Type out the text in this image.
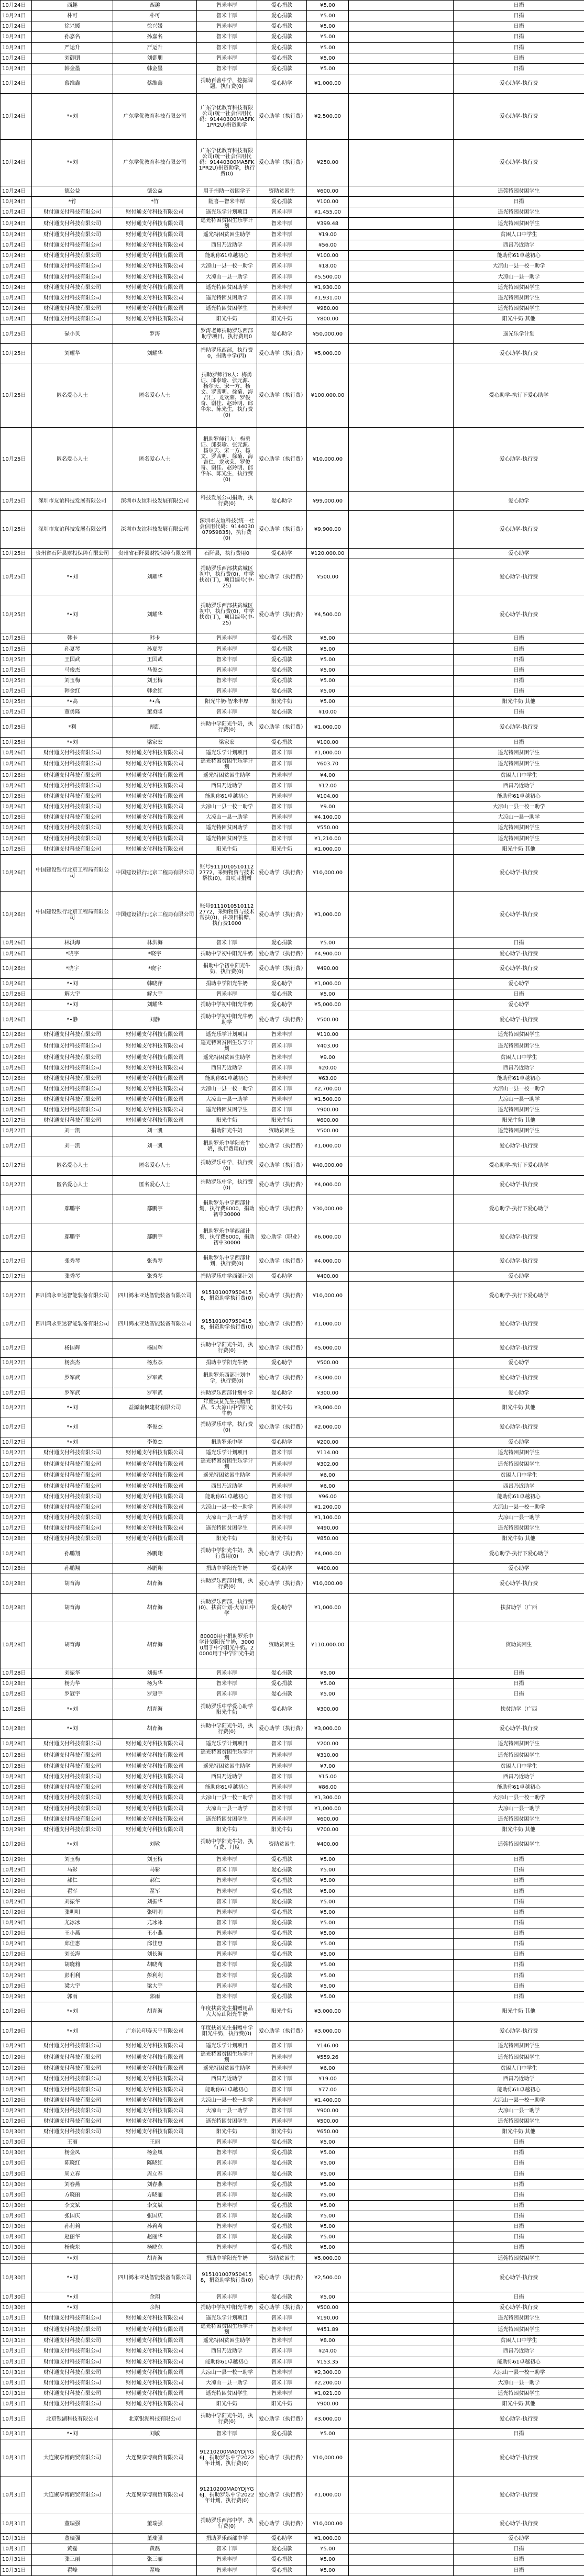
10月24日	西趣	西趣	智米丰厚	爱心捐款	¥5.00		日捐
10月24日	朴可	朴可	智米丰厚	爱心捐款	¥5.00		日捐
10月24日	徐兴媛	徐兴媛	智米丰厚	爱心捐款	¥5.00		日捐
10月24日	孙嘉名	孙嘉名	智米丰厚	爱心捐款	¥5.00		日捐
10月24日	严运升	严运升	智米丰厚	爱心捐款	¥5.00		日捐
10月24日	刘御朋	刘御朋	智米丰厚	爱心捐款	¥5.00		日捐
10月24日	韩金墨	韩金墨	智米丰厚	爱心捐款	¥5.00		日捐
10月24日	蔡维鑫	蔡维鑫	捐助百善中学，挖掘课题，执行费(0)	爱心助学	¥1,000.00		爱心助学-执行费
10月24日	*•刘	广东学优教育科技有限公司	广东学优教育科技有限公司(统一社会信用代码：91440300MA5FK1PR2U)捐资助学	爱心助学（执行费）	¥2,500.00		爱心助学-执行费
10月24日	*•刘	广东学优教育科技有限公司	广东学优教育科技有限公司(统一社会信用代码：91440300MA5FK1PR2U)捐资助学，执行费(0)	爱心助学（执行费）	¥250.00		爱心助学-执行费
10月24日	德公益	德公益	用于捐助一贫困学子	资助贫困生	¥600.00		遥莞特困贫困学生
10月24日	*竹	*竹	随喜—智米丰厚	爱心捐款	¥100.00		日捐
10月24日	财付通支付科技有限公司	财付通支付科技有限公司	遥光乐学计划项目	智米丰厚	¥1,455.00		遥光特困贫困学生
10月24日	财付通支付科技有限公司	财付通支付科技有限公司	遥光特困贫困生乐学计划	智米丰厚	¥399.48		遥光特困贫困学生
10月24日	财付通支付科技有限公司	财付通支付科技有限公司	遥光特困贫困生助学	智米丰厚	¥19.00		贫困人口中学生
10月24日	财付通支付科技有限公司	财付通支付科技有限公司	西昌乃近助学	智米丰厚	¥56.00		西昌乃近助学
10月24日	财付通支付科技有限公司	财付通支付科技有限公司	能助你61卓越初心	智米丰厚	¥100.00		能助你61卓越初心
10月24日	财付通支付科技有限公司	财付通支付科技有限公司	大凉山一县一校一助学	智米丰厚	¥18.00		大凉山一县一校一助学
10月24日	财付通支付科技有限公司	财付通支付科技有限公司	大凉山一县一助学	智米丰厚	¥5,500.00		大凉山一县一助学
10月24日	财付通支付科技有限公司	财付通支付科技有限公司	遥光特困贫困助学	智米丰厚	¥1,930.00		遥光特困贫困学生
10月24日	财付通支付科技有限公司	财付通支付科技有限公司	遥光特困贫困助学	智米丰厚	¥1,931.00		遥光特困贫困学生
10月24日	财付通支付科技有限公司	财付通支付科技有限公司	遥光特困贫困学生	智米丰厚	¥980.00		遥光特困贫困学生
10月24日	财付通支付科技有限公司	财付通支付科技有限公司	阳光牛奶	阳光牛奶	¥800.00		阳光牛奶·其他
10月25日	碌小贝	罗涛	罗涛老师捐助罗乐西部助学项目，执行费用0	爱心助学	¥50,000.00		遥光乐学计划
10月25日	刘耀华	刘耀华	捐助罗乐西部，执行费0，捐助中学(丙)	爱心助学（执行费）	¥5,000.00		爱心助学-执行费
10月25日	匿名爱心人士	匿名爱心人士	捐助罗师行8人：梅勇证、邱泰瑜、张元源、杨尔天、宋一方、杨文、罗茜明、徐菊、海吉仁、龙欢荣、罗俊奇、谢佳、赵玲明、邱华东、陈光生，执行费(0)	爱心助学（执行费）	¥100,000.00		爱心助学-执行下爱心助学
10月25日	匿名爱心人士	匿名爱心人士	捐助罗师行人：梅勇证、邱泰瑜、张元源、杨尔天、宋一方、杨文、罗茜明、徐菊、海吉仁、龙欢荣、罗俊奇、谢佳、赵玲明、邱华东、陈光生，执行费(0)	爱心助学（执行费）	¥10,000.00		爱心助学-执行费
10月25日	深圳市友谊科技发展有限公司	深圳市友谊科技发展有限公司	科技发展公司捐助，执行费(0)	爱心助学	¥99,000.00		爱心助学
10月25日	深圳市友谊科技发展有限公司	深圳市友谊科技发展有限公司	深圳市友谊科技(统一社会信用代码：914403007959835)，执行费(0)	爱心助学（执行费）	¥9,900.00		爱心助学-执行费
10月25日	贵州省石阡县财投保障有限公司	贵州省石阡县财投保障有限公司	石阡县，执行费用0	爱心助学	¥120,000.00		爱心助学
10月25日	*•刘	刘耀华	捐助罗乐西部扶贫城区初中，执行费(0)，中学扶贫(丁)，项目编号(中-25)	爱心助学（执行费）	¥500.00		爱心助学-执行费
10月25日	*•刘	刘耀华	捐助罗乐西部扶贫城区初中，执行费(0)，中学扶贫(丁)，项目编号(中-25)	爱心助学（执行费）	¥4,500.00		爱心助学-执行费
10月25日	韩卡	韩卡	智米丰厚	爱心捐款	¥5.00		日捐
10月25日	孙夏琴	孙夏琴	智米丰厚	爱心捐款	¥5.00		日捐
10月25日	王国武	王国武	智米丰厚	爱心捐款	¥5.00		日捐
10月25日	马俊杰	马俊杰	智米丰厚	爱心捐款	¥5.00		日捐
10月25日	刘玉梅	刘玉梅	智米丰厚	爱心捐款	¥5.00		日捐
10月25日	韩金红	韩金红	智米丰厚	爱心捐款	¥5.00		日捐
10月25日	*•高	*•高	阳光牛奶·智米丰厚	阳光牛奶	¥5.00		阳光牛奶·其他
10月25日	董勇隆	董勇隆	智米丰厚	爱心捐款	¥10.00		日捐
10月25日	*利	顾凯	捐助中学阳光牛奶，执行费(0)	爱心助学（执行费）	¥1,000.00		爱心助学-执行费
10月25日	*•刘	梁家宏	梁家宏	爱心捐款	¥100.00		日捐
10月26日	财付通支付科技有限公司	财付通支付科技有限公司	遥光乐学计划项目	智米丰厚	¥1,000.00		遥光特困贫困学生
10月26日	财付通支付科技有限公司	财付通支付科技有限公司	遥光特困贫困生乐学计划	智米丰厚	¥603.70		遥光特困贫困学生
10月26日	财付通支付科技有限公司	财付通支付科技有限公司	遥光特困贫困生助学	智米丰厚	¥4.00		贫困人口中学生
10月26日	财付通支付科技有限公司	财付通支付科技有限公司	西昌乃近助学	智米丰厚	¥12.00		西昌乃近助学
10月26日	财付通支付科技有限公司	财付通支付科技有限公司	能助你61卓越初心	智米丰厚	¥104.00		能助你61卓越初心
10月26日	财付通支付科技有限公司	财付通支付科技有限公司	大凉山一县一校一助学	智米丰厚	¥9.00		大凉山一县一校一助学
10月26日	财付通支付科技有限公司	财付通支付科技有限公司	大凉山一县一助学	智米丰厚	¥4,100.00		大凉山一县一助学
10月26日	财付通支付科技有限公司	财付通支付科技有限公司	遥光特困贫困助学	智米丰厚	¥550.00		遥光特困贫困学生
10月26日	财付通支付科技有限公司	财付通支付科技有限公司	遥光特困贫困学生	智米丰厚	¥1,210.00		遥光特困贫困学生
10月26日	财付通支付科技有限公司	财付通支付科技有限公司	阳光牛奶	阳光牛奶	¥1,000.00		阳光牛奶·其他
10月26日	中国建设银行北京工程局有限公司	中国建设银行北京工程局有限公司	账号91110105101122772，采购物资与技术帮扶(0)，由项目捐赠	爱心助学（执行费）	¥10,000.00		爱心助学-执行费
10月26日	中国建设银行北京工程局有限公司	中国建设银行北京工程局有限公司	账号91110105101122772，采购物资与技术帮扶(0)，由项目捐赠，执行费1000	爱心助学（执行费）	¥1,000.00		爱心助学-执行费
10月26日	林洪海	林洪海	智米丰厚	爱心捐款	¥5.00		日捐
10月26日	*晓宇	*晓宇	捐助中学初中阳光牛奶	爱心助学（执行费）	¥4,900.00		爱心助学-执行费
10月26日	*晓宇	*晓宇	捐助中学初中阳光牛奶，执行费(0)	爱心助学（执行费）	¥490.00		爱心助学-执行费
10月26日	*•刘	韩晓萍	捐助中学阳光牛奶	爱心助学	¥1,000.00		爱心助学
10月26日	解大宇	解大宇	智米丰厚	爱心捐款	¥5.00		日捐
10月26日	*•刘	刘耀华	捐助中学初中阳光牛奶	爱心助学	¥5,000.00		爱心助学
10月26日	*•静	刘静	捐助中学初中阳光牛奶助学	爱心助学（执行费）	¥500.00		爱心助学-执行费
10月26日	财付通支付科技有限公司	财付通支付科技有限公司	遥光乐学计划项目	智米丰厚	¥110.00		遥光特困贫困学生
10月26日	财付通支付科技有限公司	财付通支付科技有限公司	遥光特困贫困生乐学计划	智米丰厚	¥403.00		遥光特困贫困学生
10月26日	财付通支付科技有限公司	财付通支付科技有限公司	遥光特困贫困生助学	智米丰厚	¥9.00		贫困人口中学生
10月26日	财付通支付科技有限公司	财付通支付科技有限公司	西昌乃近助学	智米丰厚	¥20.00		西昌乃近助学
10月26日	财付通支付科技有限公司	财付通支付科技有限公司	能助你61卓越初心	智米丰厚	¥63.00		能助你61卓越初心
10月26日	财付通支付科技有限公司	财付通支付科技有限公司	大凉山一县一校一助学	智米丰厚	¥2,700.00		大凉山一县一校一助学
10月26日	财付通支付科技有限公司	财付通支付科技有限公司	大凉山一县一助学	智米丰厚	¥1,500.00		大凉山一县一助学
10月26日	财付通支付科技有限公司	财付通支付科技有限公司	遥光特困贫困学生	智米丰厚	¥900.00		遥光特困贫困学生
10月27日	财付通支付科技有限公司	财付通支付科技有限公司	阳光牛奶	阳光牛奶	¥600.00		阳光牛奶·其他
10月27日	刘一凯	刘一凯	捐助阳光牛奶	资助贫困生	¥500.00		遥莞特困贫困学生
10月27日	刘一凯	刘一凯	捐助罗乐中学阳光牛奶，执行费用(0)	爱心助学（执行费）	¥1,000.00		爱心助学-执行费
10月27日	匿名爱心人士	匿名爱心人士	捐助罗乐中学，执行费(0)	爱心助学（执行费）	¥40,000.00		爱心助学-执行下爱心助学
10月27日	匿名爱心人士	匿名爱心人士	捐助罗乐中学，执行费(0)	爱心助学（执行费）	¥4,000.00		爱心助学-执行费
10月27日	鄢鹏宇	鄢鹏宇	捐助罗乐中学西部计划，执行费6000，捐助初中30000	爱心助学（执行费）	¥30,000.00		爱心助学-执行下爱心助学
10月27日	鄢鹏宇	鄢鹏宇	捐助罗乐中学西部计划，执行费6000，捐助初中30000	爱心助学（职业）	¥6,000.00		爱心助学-执行费
10月27日	张秀琴	张秀琴	捐助罗乐中学西部计划，执行费(0)	爱心助学（执行费）	¥4,000.00		爱心助学-执行费
10月27日	张秀琴	张秀琴	捐助罗乐中学西部计划	爱心助学	¥400.00		爱心助学
10月27日	四川鸿永亚达智能装备有限公司	四川鸿永亚达智能装备有限公司	9151010079504158，捐资助学执行费(0)	爱心助学（执行费）	¥10,000.00		爱心助学-执行下爱心助学
10月27日	四川鸿永亚达智能装备有限公司	四川鸿永亚达智能装备有限公司	9151010079504158，捐资助学执行费(0)	爱心助学（执行费）	¥1,000.00		爱心助学-执行费
10月27日	杨国辉	杨国辉	捐助中学阳光牛奶，执行费(0)	爱心助学（执行费）	¥5,000.00		爱心助学-执行费
10月27日	杨杰杰	杨杰杰	捐助中学阳光牛奶	爱心助学	¥500.00		爱心助学
10月27日	罗军武	罗军武	捐助罗乐西部计划中学，执行费(0)	爱心助学（执行费）	¥3,000.00		爱心助学-执行费
10月27日	罗军武	罗军武	捐助罗乐西部计划中学	爱心助学	¥300.00		爱心助学
10月27日	*•刘	益源南枫建材有限公司	年度扶贫先生捐赠用品，5.大凉山中学阳光牛奶	阳光牛奶	¥3,000.00		阳光牛奶·其他
10月27日	*•刘	李俊杰	捐助罗乐中学，执行费(0)	爱心助学（执行费）	¥2,000.00		爱心助学-执行费
10月27日	*•刘	李俊杰	捐助罗乐中学	爱心助学	¥200.00		爱心助学
10月27日	财付通支付科技有限公司	财付通支付科技有限公司	遥光乐学计划项目	智米丰厚	¥114.00		遥光特困贫困学生
10月27日	财付通支付科技有限公司	财付通支付科技有限公司	遥光特困贫困生乐学计划	智米丰厚	¥302.00		遥光特困贫困学生
10月27日	财付通支付科技有限公司	财付通支付科技有限公司	遥光特困贫困生助学	智米丰厚	¥6.00		贫困人口中学生
10月27日	财付通支付科技有限公司	财付通支付科技有限公司	西昌乃近助学	智米丰厚	¥6.00		西昌乃近助学
10月27日	财付通支付科技有限公司	财付通支付科技有限公司	能助你61卓越初心	智米丰厚	¥96.00		能助你61卓越初心
10月27日	财付通支付科技有限公司	财付通支付科技有限公司	大凉山一县一校一助学	智米丰厚	¥1,200.00		大凉山一县一校一助学
10月27日	财付通支付科技有限公司	财付通支付科技有限公司	大凉山一县一助学	智米丰厚	¥1,100.00		大凉山一县一助学
10月27日	财付通支付科技有限公司	财付通支付科技有限公司	遥光特困贫困学生	智米丰厚	¥490.00		遥光特困贫困学生
10月28日	财付通支付科技有限公司	财付通支付科技有限公司	阳光牛奶	阳光牛奶	¥850.00		阳光牛奶·其他
10月28日	孙鹏翔	孙鹏翔	捐助中学阳光牛奶，执行费用(0)	爱心助学（执行费）	¥4,000.00		爱心助学-执行下爱心助学
10月28日	孙鹏翔	孙鹏翔	捐助中学阳光牛奶	爱心助学	¥400.00		爱心助学
10月28日	胡育海	胡育海	捐助罗乐西部计划，执行费(0)	爱心助学（执行费）	¥10,000.00		爱心助学-执行费
10月28日	胡育海	胡育海	捐助罗乐西部，执行费(0)，扶贫计划-大凉山中学	爱心助学	¥1,000.00		扶贫助学（广西
10月28日	胡育海	胡育海	80000用于捐助罗乐中学计划阳光牛奶，30000用于中学阳光牛奶。20000用于中学阳光牛奶	资助贫困生	¥110,000.00		资助贫困生
10月28日	刘振华	刘振华	智米丰厚	爱心捐款	¥5.00		日捐
10月28日	杨为华	杨为华	智米丰厚	爱心捐款	¥5.00		日捐
10月28日	罗冠宇	罗冠宇	智米丰厚	爱心捐款	¥5.00		日捐
10月28日	*•刘	胡育海	捐助罗乐中学爱心助学阳光牛奶	爱心助学	¥300.00		扶贫助学（广西
10月28日	*•刘	胡育海	捐助中学阳光牛奶，执行费(0)	爱心助学（执行费）	¥3,000.00		爱心助学-执行费
10月28日	财付通支付科技有限公司	财付通支付科技有限公司	遥光乐学计划项目	智米丰厚	¥200.00		遥光特困贫困学生
10月28日	财付通支付科技有限公司	财付通支付科技有限公司	遥光特困贫困生乐学计划	智米丰厚	¥310.00		遥光特困贫困学生
10月28日	财付通支付科技有限公司	财付通支付科技有限公司	遥光特困贫困生助学	智米丰厚	¥7.00		贫困人口中学生
10月28日	财付通支付科技有限公司	财付通支付科技有限公司	西昌乃近助学	智米丰厚	¥15.00		西昌乃近助学
10月28日	财付通支付科技有限公司	财付通支付科技有限公司	能助你61卓越初心	智米丰厚	¥86.00		能助你61卓越初心
10月28日	财付通支付科技有限公司	财付通支付科技有限公司	大凉山一县一校一助学	智米丰厚	¥1,300.00		大凉山一县一校一助学
10月28日	财付通支付科技有限公司	财付通支付科技有限公司	大凉山一县一助学	智米丰厚	¥1,000.00		大凉山一县一助学
10月28日	财付通支付科技有限公司	财付通支付科技有限公司	遥光特困贫困学生	智米丰厚	¥600.00		遥光特困贫困学生
10月29日	财付通支付科技有限公司	财付通支付科技有限公司	阳光牛奶	阳光牛奶	¥700.00		阳光牛奶·其他
10月29日	*•刘	刘敏	捐助中学阳光牛奶，执行费、月度	资助贫困生	¥400.00		遥莞特困贫困学生
10月29日	刘玉梅	刘玉梅	智米丰厚	爱心捐款	¥5.00		日捐
10月29日	马彩	马彩	智米丰厚	爱心捐款	¥5.00		日捐
10月29日	郝仁	郝仁	智米丰厚	爱心捐款	¥5.00		日捐
10月29日	翟军	翟军	智米丰厚	爱心捐款	¥5.00		日捐
10月29日	刘振华	刘振华	智米丰厚	爱心捐款	¥5.00		日捐
10月29日	张明明	张明明	智米丰厚	爱心捐款	¥5.00		日捐
10月29日	尤冰冰	尤冰冰	智米丰厚	爱心捐款	¥5.00		日捐
10月29日	王小燕	王小燕	智米丰厚	爱心捐款	¥5.00		日捐
10月29日	邱佳惠	邱佳惠	智米丰厚	爱心捐款	¥5.00		日捐
10月29日	刘长海	刘长海	智米丰厚	爱心捐款	¥5.00		日捐
10月29日	胡晓莉	胡晓莉	智米丰厚	爱心捐款	¥5.00		日捐
10月29日	彭利利	彭利利	智米丰厚	爱心捐款	¥5.00		日捐
10月29日	梁大宇	梁大宇	智米丰厚	爱心捐款	¥5.00		日捐
10月29日	郭雨	郭雨	智米丰厚	爱心捐款	¥5.00		日捐
10月29日	*•刘	胡育海	年度扶贫先生捐赠用品大大凉山阳光牛奶	阳光牛奶	¥3,000.00		阳光牛奶·其他
10月29日	*•刘	广东沁印寿天平有限公司	年度扶贫先生捐赠中学阳光牛奶，执行费(0)	爱心助学（执行费）	¥3,000.00		爱心助学-执行费
10月29日	财付通支付科技有限公司	财付通支付科技有限公司	遥光乐学计划项目	智米丰厚	¥146.00		遥光特困贫困学生
10月29日	财付通支付科技有限公司	财付通支付科技有限公司	遥光特困贫困生乐学计划	智米丰厚	¥559.26		遥光特困贫困学生
10月29日	财付通支付科技有限公司	财付通支付科技有限公司	遥光特困贫困生助学	智米丰厚	¥6.00		贫困人口中学生
10月29日	财付通支付科技有限公司	财付通支付科技有限公司	西昌乃近助学	智米丰厚	¥19.00		西昌乃近助学
10月29日	财付通支付科技有限公司	财付通支付科技有限公司	能助你61卓越初心	智米丰厚	¥77.00		能助你61卓越初心
10月29日	财付通支付科技有限公司	财付通支付科技有限公司	大凉山一县一校一助学	智米丰厚	¥1,400.00		大凉山一县一校一助学
10月29日	财付通支付科技有限公司	财付通支付科技有限公司	大凉山一县一助学	智米丰厚	¥900.00		大凉山一县一助学
10月29日	财付通支付科技有限公司	财付通支付科技有限公司	遥光特困贫困学生	智米丰厚	¥500.00		遥光特困贫困学生
10月30日	财付通支付科技有限公司	财付通支付科技有限公司	阳光牛奶	阳光牛奶	¥650.00		阳光牛奶·其他
10月30日	王丽	王丽	智米丰厚	爱心捐款	¥5.00		日捐
10月30日	杨金凤	杨金凤	智米丰厚	爱心捐款	¥5.00		日捐
10月30日	陈晓红	陈晓红	智米丰厚	爱心捐款	¥5.00		日捐
10月30日	周立春	周立春	智米丰厚	爱心捐款	¥5.00		日捐
10月30日	刘春燕	刘春燕	智米丰厚	爱心捐款	¥5.00		日捐
10月30日	方晓丽	方晓丽	智米丰厚	爱心捐款	¥5.00		日捐
10月30日	李文斌	李文斌	智米丰厚	爱心捐款	¥5.00		日捐
10月30日	张国庆	张国庆	智米丰厚	爱心捐款	¥5.00		日捐
10月30日	孙莉莉	孙莉莉	智米丰厚	爱心捐款	¥5.00		日捐
10月30日	赵丽华	赵丽华	智米丰厚	爱心捐款	¥5.00		日捐
10月30日	杨晓东	杨晓东	智米丰厚	爱心捐款	¥5.00		日捐
10月30日	*•刘	胡育海	捐助中学阳光牛奶	资助贫困生	¥5,000.00		遥莞特困贫困学生
10月30日	*•刘	四川鸿永亚达智能装备有限公司	9151010079504158，捐资助学执行费(0)	爱心助学（执行费）	¥2,500.00		爱心助学-执行费
10月30日	*•刘	余翔	智米丰厚	爱心捐款	¥5.00		日捐
10月30日	*•刘	余翔	捐助中学初中阳光牛奶	爱心助学（执行费）	¥500.00		爱心助学-执行费
10月31日	财付通支付科技有限公司	财付通支付科技有限公司	遥光乐学计划项目	智米丰厚	¥190.00		遥光特困贫困学生
10月31日	财付通支付科技有限公司	财付通支付科技有限公司	遥光特困贫困生乐学计划	智米丰厚	¥451.89		遥光特困贫困学生
10月31日	财付通支付科技有限公司	财付通支付科技有限公司	遥光特困贫困生助学	智米丰厚	¥8.00		贫困人口中学生
10月31日	财付通支付科技有限公司	财付通支付科技有限公司	西昌乃近助学	智米丰厚	¥24.00		西昌乃近助学
10月31日	财付通支付科技有限公司	财付通支付科技有限公司	能助你61卓越初心	智米丰厚	¥153.35		能助你61卓越初心
10月31日	财付通支付科技有限公司	财付通支付科技有限公司	大凉山一县一校一助学	智米丰厚	¥2,300.00		大凉山一县一校一助学
10月31日	财付通支付科技有限公司	财付通支付科技有限公司	大凉山一县一助学	智米丰厚	¥2,200.00		大凉山一县一助学
10月31日	财付通支付科技有限公司	财付通支付科技有限公司	遥光特困贫困学生	智米丰厚	¥1,021.00		遥光特困贫困学生
10月31日	财付通支付科技有限公司	财付通支付科技有限公司	阳光牛奶	阳光牛奶	¥900.00		阳光牛奶·其他
10月31日	北京银湖科技有限公司	北京银湖科技有限公司	捐助中学阳光牛奶，执行费(0)	爱心助学（执行费）	¥3,000.00		爱心助学-执行费
10月31日	*•刘	刘敏	智米丰厚	爱心捐款	¥5.00		日捐
10月31日	大连聚享博商贸有限公司	大连聚享博商贸有限公司	91210200MA0YDJYG6J，捐助罗乐中学2022年计划，执行费(0)	爱心助学（执行费）	¥10,000.00		爱心助学-执行费
10月31日	大连聚享博商贸有限公司	大连聚享博商贸有限公司	91210200MA0YDJYG6J，捐助罗乐中学2022年计划，执行费(0)	爱心助学（执行费）	¥1,000.00		爱心助学-执行费
10月31日	董瑞强	董瑞强	捐助罗乐西部中学，执行费(0)	爱心助学（执行费）	¥10,000.00		爱心助学-执行费
10月31日	董瑞强	董瑞强	捐助罗乐西部中学	爱心助学	¥1,000.00		爱心助学
10月31日	黄磊	黄磊	智米丰厚	爱心捐款	¥5.00		日捐
10月31日	张三丽	张三丽	智米丰厚	爱心捐款	¥5.00		日捐
10月31日	翟峰	翟峰	智米丰厚	爱心捐款	¥5.00		日捐
